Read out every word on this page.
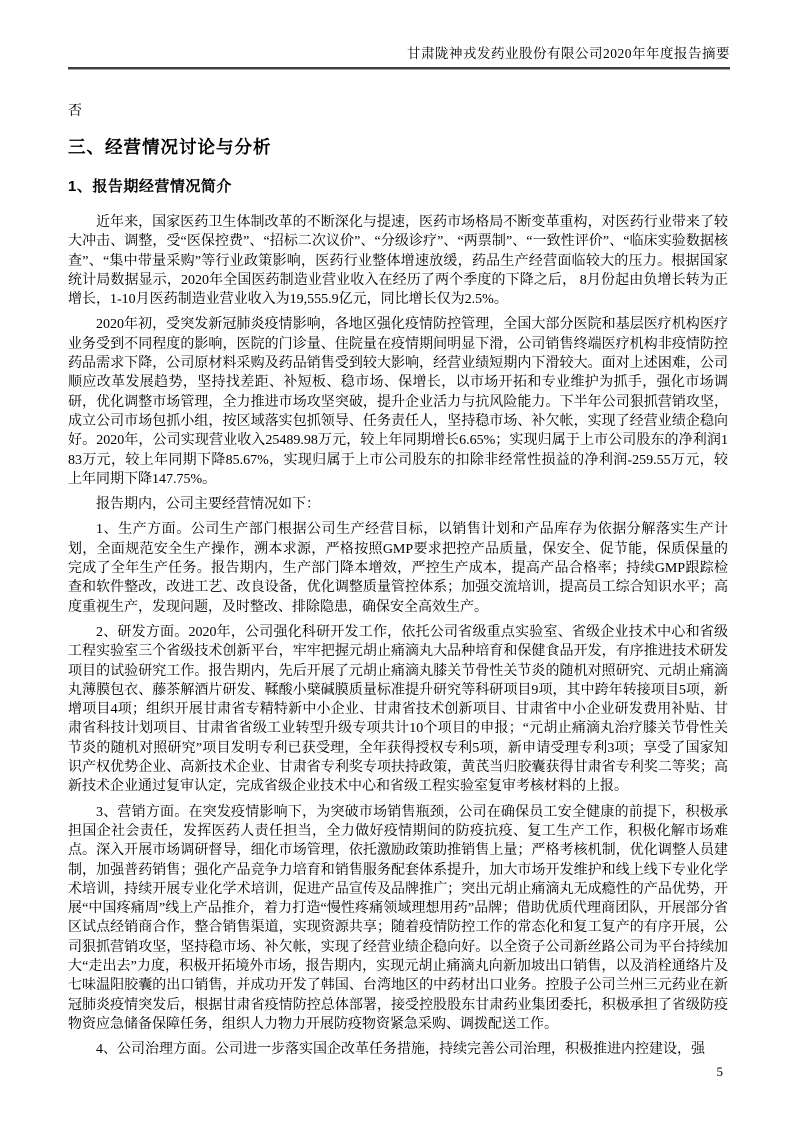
甘肃陇神戎发药业股份有限公司2020年年度报告摘要

否

三、经营情况讨论与分析
1、报告期经营情况简介

近年来，国家医药卫生体制改革的不断深化与提速，医药市场格局不断变革重构，对医药行业带来了较大冲击、调整，受“医保控费”、“招标二次议价”、“分级诊疗”、“两票制”、“一致性评价”、“临床实验数据核查”、“集中带量采购”等行业政策影响，医药行业整体增速放缓，药品生产经营面临较大的压力。根据国家统计局数据显示，2020年全国医药制造业营业收入在经历了两个季度的下降之后， 8月份起由负增长转为正增长，1-10月医药制造业营业收入为19,555.9亿元，同比增长仅为2.5%。

2020年初，受突发新冠肺炎疫情影响，各地区强化疫情防控管理，全国大部分医院和基层医疗机构医疗业务受到不同程度的影响，医院的门诊量、住院量在疫情期间明显下滑，公司销售终端医疗机构非疫情防控药品需求下降，公司原材料采购及药品销售受到较大影响，经营业绩短期内下滑较大。面对上述困难，公司顺应改革发展趋势，坚持找差距、补短板、稳市场、保增长，以市场开拓和专业维护为抓手，强化市场调研，优化调整市场管理，全力推进市场攻坚突破，提升企业活力与抗风险能力。下半年公司狠抓营销攻坚，成立公司市场包抓小组，按区域落实包抓领导、任务责任人，坚持稳市场、补欠帐，实现了经营业绩企稳向好。2020年，公司实现营业收入25489.98万元，较上年同期增长6.65%；实现归属于上市公司股东的净利润183万元，较上年同期下降85.67%，实现归属于上市公司股东的扣除非经常性损益的净利润-259.55万元，较上年同期下降147.75%。

报告期内，公司主要经营情况如下：

1、生产方面。公司生产部门根据公司生产经营目标，以销售计划和产品库存为依据分解落实生产计划，全面规范安全生产操作，溯本求源，严格按照GMP要求把控产品质量，保安全、促节能，保质保量的完成了全年生产任务。报告期内，生产部门降本增效，严控生产成本，提高产品合格率；持续GMP跟踪检查和软件整改，改进工艺、改良设备，优化调整质量管控体系；加强交流培训，提高员工综合知识水平；高度重视生产，发现问题，及时整改、排除隐患，确保安全高效生产。

2、研发方面。2020年，公司强化科研开发工作，依托公司省级重点实验室、省级企业技术中心和省级工程实验室三个省级技术创新平台，牢牢把握元胡止痛滴丸大品种培育和保健食品开发，有序推进技术研发项目的试验研究工作。报告期内，先后开展了元胡止痛滴丸膝关节骨性关节炎的随机对照研究、元胡止痛滴丸薄膜包衣、藤茶解酒片研发、鞣酸小檗碱膜质量标准提升研究等科研项目9项，其中跨年转接项目5项，新增项目4项；组织开展甘肃省专精特新中小企业、甘肃省技术创新项目、甘肃省中小企业研发费用补贴、甘肃省科技计划项目、甘肃省省级工业转型升级专项共计10个项目的申报；“元胡止痛滴丸治疗膝关节骨性关节炎的随机对照研究”项目发明专利已获受理，全年获得授权专利5项，新申请受理专利3项；享受了国家知识产权优势企业、高新技术企业、甘肃省专利奖专项扶持政策，黄芪当归胶囊获得甘肃省专利奖二等奖；高新技术企业通过复审认定，完成省级企业技术中心和省级工程实验室复审考核材料的上报。

3、营销方面。在突发疫情影响下，为突破市场销售瓶颈，公司在确保员工安全健康的前提下，积极承担国企社会责任，发挥医药人责任担当，全力做好疫情期间的防疫抗疫、复工生产工作，积极化解市场难点。深入开展市场调研督导，细化市场管理，依托激励政策助推销售上量；严格考核机制，优化调整人员建制，加强普药销售；强化产品竞争力培育和销售服务配套体系提升，加大市场开发维护和线上线下专业化学术培训，持续开展专业化学术培训，促进产品宣传及品牌推广；突出元胡止痛滴丸无成瘾性的产品优势，开展“中国疼痛周”线上产品推介，着力打造“慢性疼痛领域理想用药”品牌；借助优质代理商团队，开展部分省区试点经销商合作，整合销售渠道，实现资源共享；随着疫情防控工作的常态化和复工复产的有序开展，公司狠抓营销攻坚，坚持稳市场、补欠帐，实现了经营业绩企稳向好。以全资子公司新丝路公司为平台持续加大“走出去”力度，积极开拓境外市场，报告期内，实现元胡止痛滴丸向新加坡出口销售，以及消栓通络片及七味温阳胶囊的出口销售，并成功开发了韩国、台湾地区的中药材出口业务。控股子公司兰州三元药业在新冠肺炎疫情突发后，根据甘肃省疫情防控总体部署，接受控股股东甘肃药业集团委托，积极承担了省级防疫物资应急储备保障任务，组织人力物力开展防疫物资紧急采购、调拨配送工作。

4、公司治理方面。公司进一步落实国企改革任务措施，持续完善公司治理，积极推进内控建设，强

5
